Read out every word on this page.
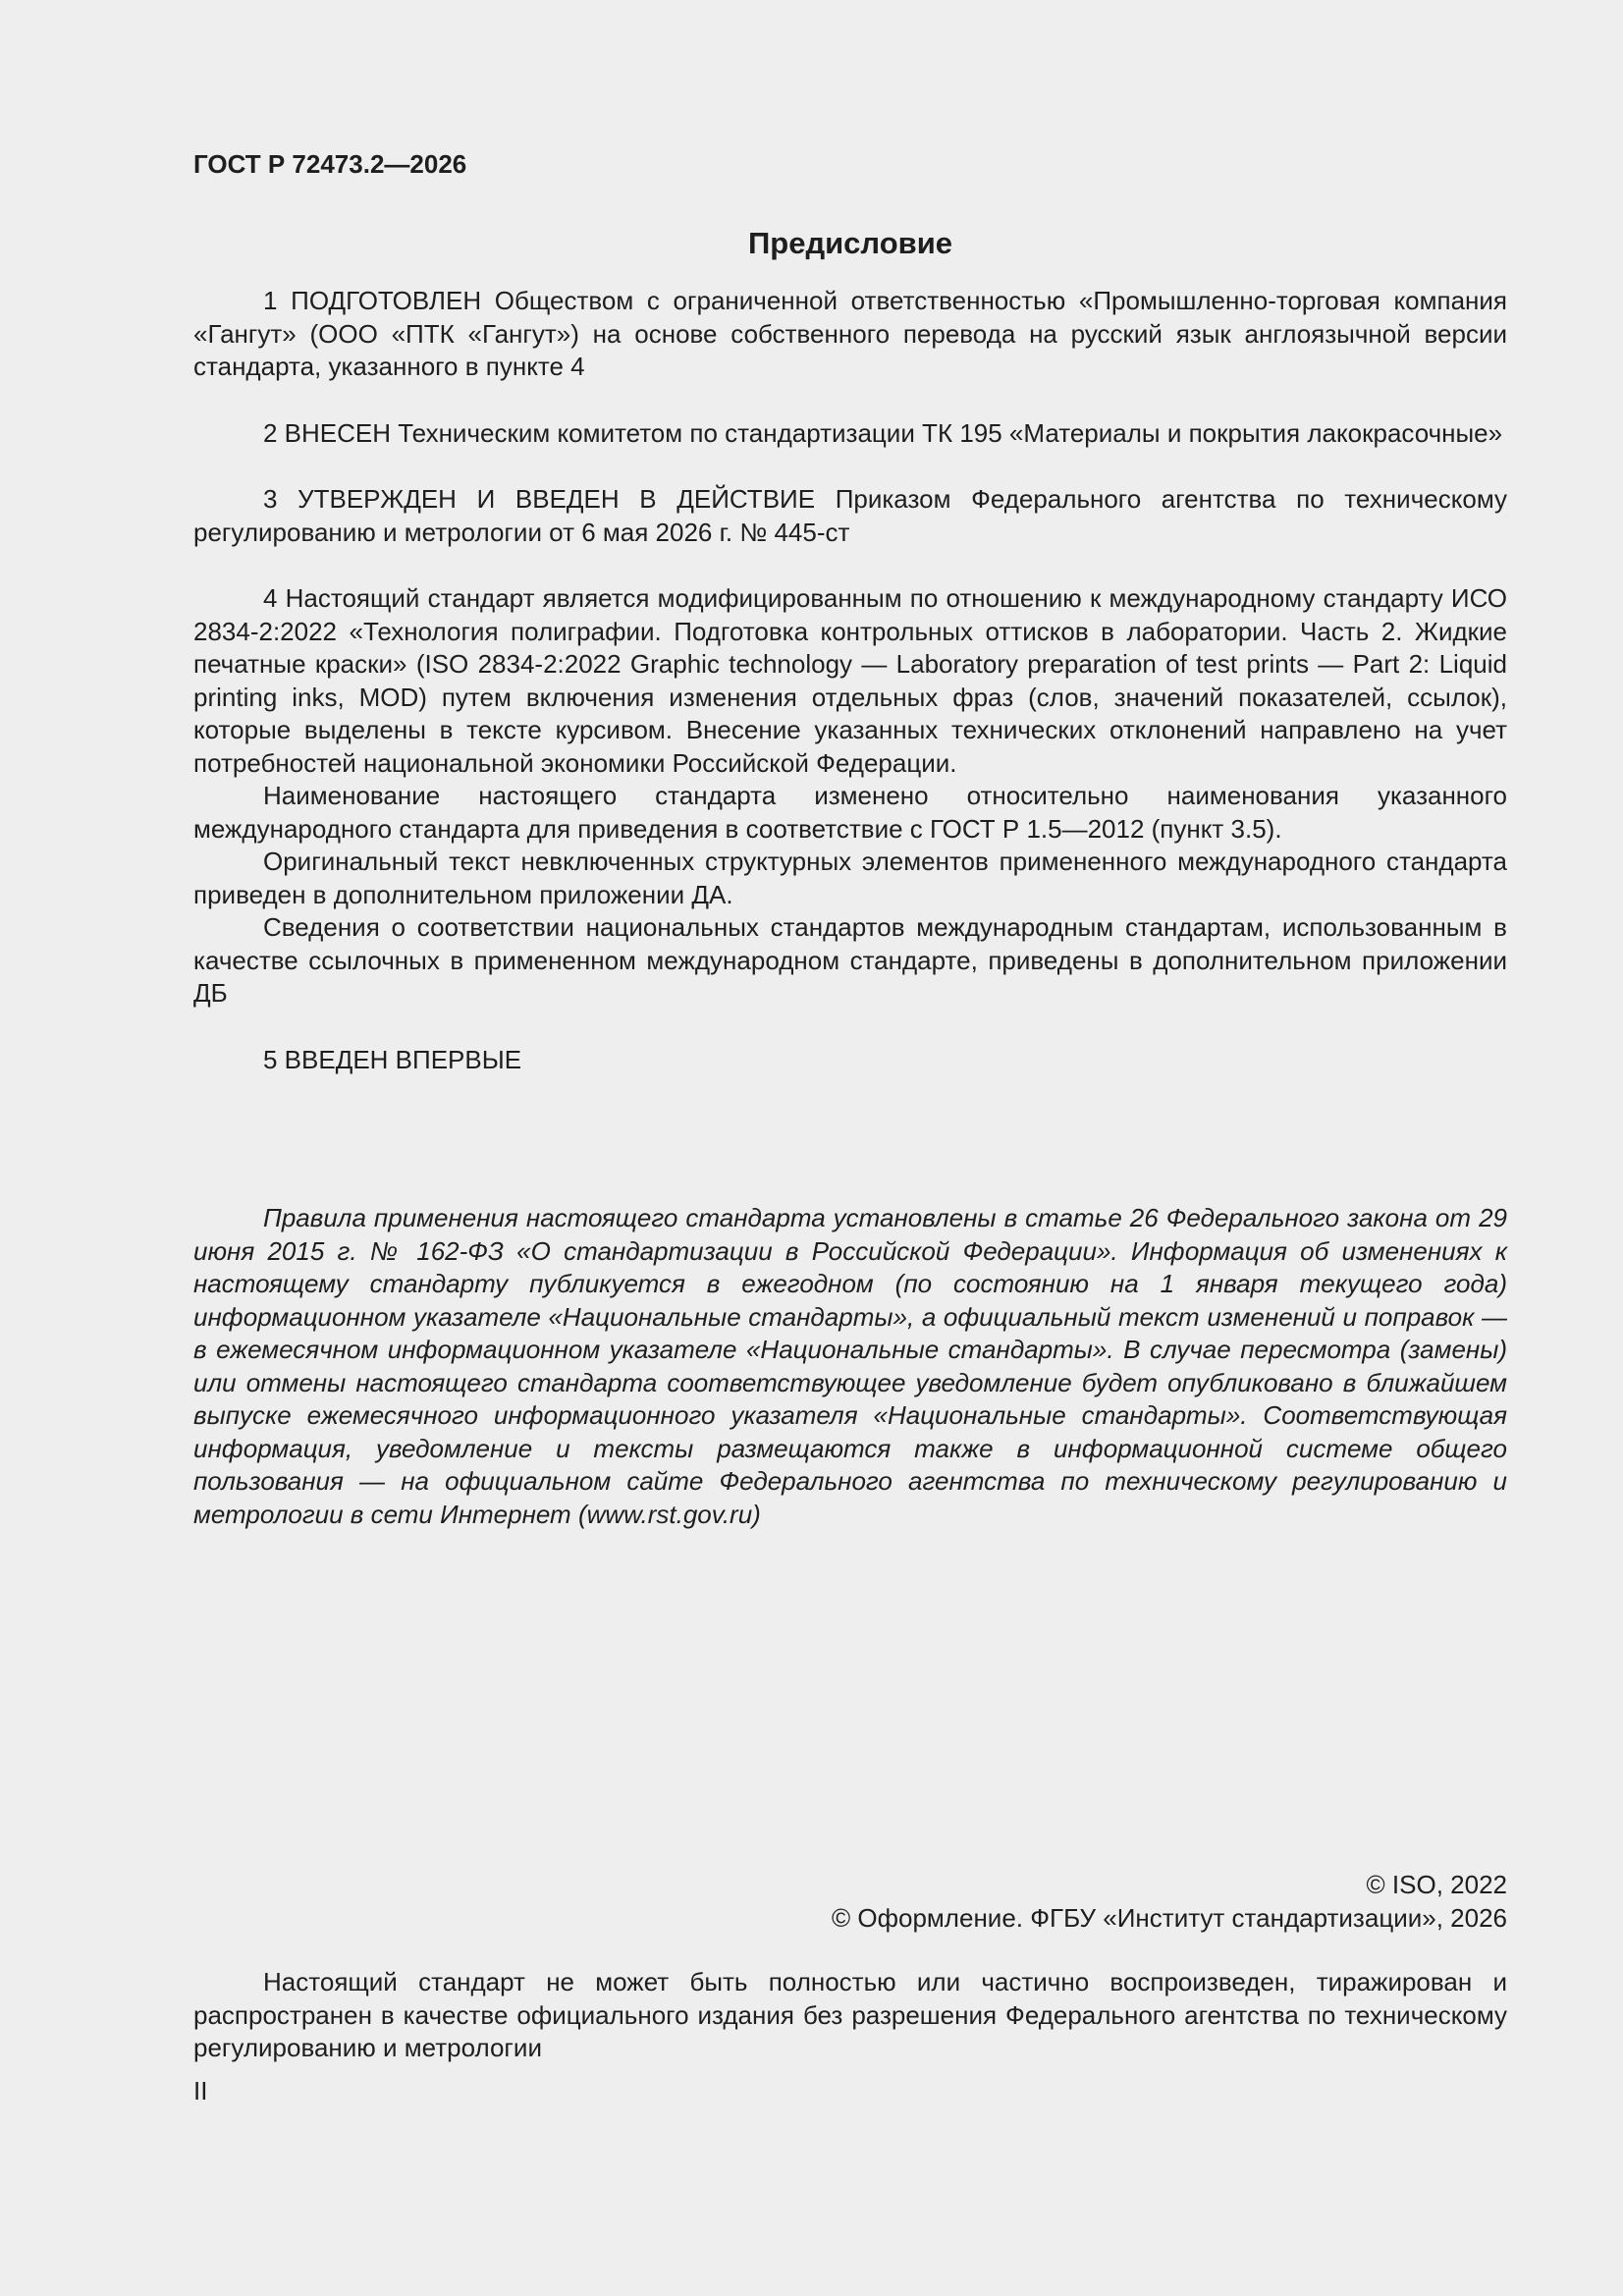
ГОСТ Р 72473.2—2026
Предисловие

1 ПОДГОТОВЛЕН Обществом с ограниченной ответственностью «Промышленно-торговая компания «Гангут» (ООО «ПТК «Гангут») на основе собственного перевода на русский язык англоязычной версии стандарта, указанного в пункте 4

2 ВНЕСЕН Техническим комитетом по стандартизации ТК 195 «Материалы и покрытия лакокрасочные»

3 УТВЕРЖДЕН И ВВЕДЕН В ДЕЙСТВИЕ Приказом Федерального агентства по техническому регулированию и метрологии от 6 мая 2026 г. № 445-ст

4 Настоящий стандарт является модифицированным по отношению к международному стандарту ИСО 2834-2:2022 «Технология полиграфии. Подготовка контрольных оттисков в лаборатории. Часть 2. Жидкие печатные краски» (ISO 2834-2:2022 Graphic technology — Laboratory preparation of test prints — Part 2: Liquid printing inks, MOD) путем включения изменения отдельных фраз (слов, значений показателей, ссылок), которые выделены в тексте курсивом. Внесение указанных технических отклонений направлено на учет потребностей национальной экономики Российской Федерации.

Наименование настоящего стандарта изменено относительно наименования указанного международного стандарта для приведения в соответствие с ГОСТ Р 1.5—2012 (пункт 3.5).

Оригинальный текст невключенных структурных элементов примененного международного стандарта приведен в дополнительном приложении ДА.

Сведения о соответствии национальных стандартов международным стандартам, использованным в качестве ссылочных в примененном международном стандарте, приведены в дополнительном приложении ДБ

5 ВВЕДЕН ВПЕРВЫЕ

Правила применения настоящего стандарта установлены в статье 26 Федерального закона от 29 июня 2015 г. № 162-ФЗ «О стандартизации в Российской Федерации». Информация об изменениях к настоящему стандарту публикуется в ежегодном (по состоянию на 1 января текущего года) информационном указателе «Национальные стандарты», а официальный текст изменений и поправок — в ежемесячном информационном указателе «Национальные стандарты». В случае пересмотра (замены) или отмены настоящего стандарта соответствующее уведомление будет опубликовано в ближайшем выпуске ежемесячного информационного указателя «Национальные стандарты». Соответствующая информация, уведомление и тексты размещаются также в информационной системе общего пользования — на официальном сайте Федерального агентства по техническому регулированию и метрологии в сети Интернет (www.rst.gov.ru)

© ISO, 2022
© Оформление. ФГБУ «Институт стандартизации», 2026

Настоящий стандарт не может быть полностью или частично воспроизведен, тиражирован и распространен в качестве официального издания без разрешения Федерального агентства по техническому регулированию и метрологии

II
